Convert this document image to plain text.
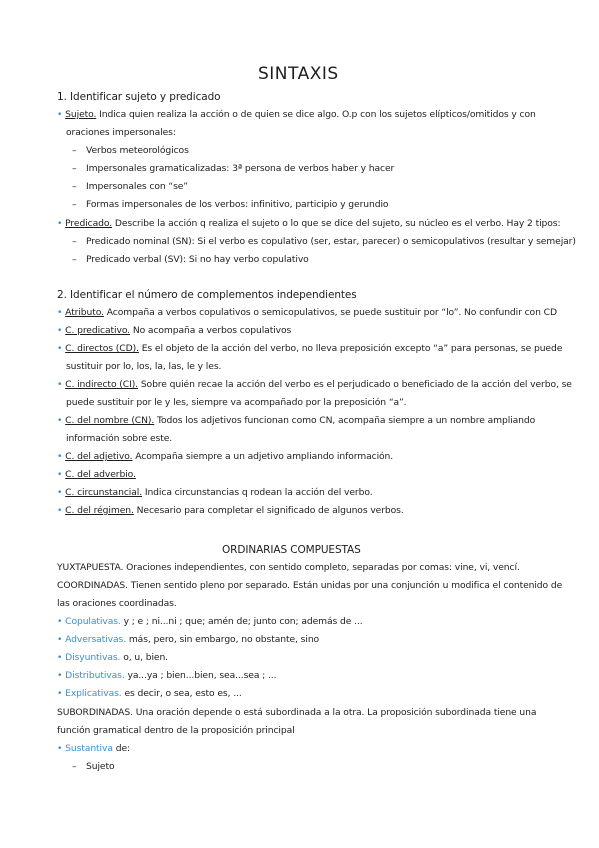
SINTAXIS
1. Identificar sujeto y predicado
• Sujeto. Indica quien realiza la acción o de quien se dice algo. O.p con los sujetos elípticos/omitidos y con
oraciones impersonales:
– Verbos meteorológicos
– Impersonales gramaticalizadas: 3ª persona de verbos haber y hacer
– Impersonales con “se”
– Formas impersonales de los verbos: infinitivo, participio y gerundio
• Predicado. Describe la acción q realiza el sujeto o lo que se dice del sujeto, su núcleo es el verbo. Hay 2 tipos:
– Predicado nominal (SN): Si el verbo es copulativo (ser, estar, parecer) o semicopulativos (resultar y semejar)
– Predicado verbal (SV): Si no hay verbo copulativo
2. Identificar el número de complementos independientes
• Atributo. Acompaña a verbos copulativos o semicopulativos, se puede sustituir por “lo”. No confundir con CD
• C. predicativo. No acompaña a verbos copulativos
• C. directos (CD). Es el objeto de la acción del verbo, no lleva preposición excepto “a” para personas, se puede
sustituir por lo, los, la, las, le y les.
• C. indirecto (CI). Sobre quién recae la acción del verbo es el perjudicado o beneficiado de la acción del verbo, se
puede sustituir por le y les, siempre va acompañado por la preposición “a”.
• C. del nombre (CN). Todos los adjetivos funcionan como CN, acompaña siempre a un nombre ampliando
información sobre este.
• C. del adjetivo. Acompaña siempre a un adjetivo ampliando información.
• C. del adverbio.
• C. circunstancial. Indica circunstancias q rodean la acción del verbo.
• C. del régimen. Necesario para completar el significado de algunos verbos.
ORDINARIAS COMPUESTAS
YUXTAPUESTA. Oraciones independientes, con sentido completo, separadas por comas: vine, vi, vencí.
COORDINADAS. Tienen sentido pleno por separado. Están unidas por una conjunción u modifica el contenido de
las oraciones coordinadas.
• Copulativas. y ; e ; ni...ni ; que; amén de; junto con; además de ...
• Adversativas. más, pero, sin embargo, no obstante, sino
• Disyuntivas. o, u, bien.
• Distributivas. ya...ya ; bien...bien, sea...sea ; ...
• Explicativas. es decir, o sea, esto es, ...
SUBORDINADAS. Una oración depende o está subordinada a la otra. La proposición subordinada tiene una
función gramatical dentro de la proposición principal
• Sustantiva de:
– Sujeto
